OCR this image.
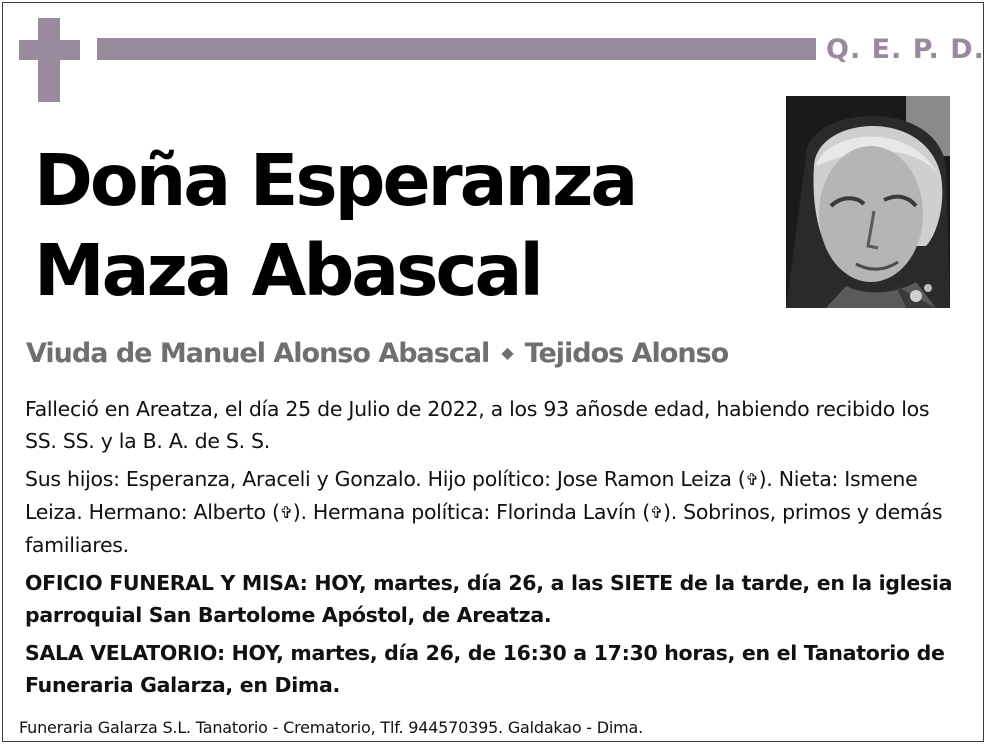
Q. E. P. D.
Doña Esperanza
Maza Abascal
Viuda de Manuel Alonso Abascal ◆ Tejidos Alonso

Falleció en Areatza, el día 25 de Julio de 2022, a los 93 añosde edad, habiendo recibido los SS. SS. y la B. A. de S. S.

Sus hijos: Esperanza, Araceli y Gonzalo. Hijo político: Jose Ramon Leiza (✞). Nieta: Ismene Leiza. Hermano: Alberto (✞). Hermana política: Florinda Lavín (✞). Sobrinos, primos y demás familiares.

OFICIO FUNERAL Y MISA: HOY, martes, día 26, a las SIETE de la tarde, en la iglesia parroquial San Bartolome Apóstol, de Areatza.

SALA VELATORIO: HOY, martes, día 26, de 16:30 a 17:30 horas, en el Tanatorio de Funeraria Galarza, en Dima.

Funeraria Galarza S.L. Tanatorio - Crematorio, Tlf. 944570395. Galdakao - Dima.
